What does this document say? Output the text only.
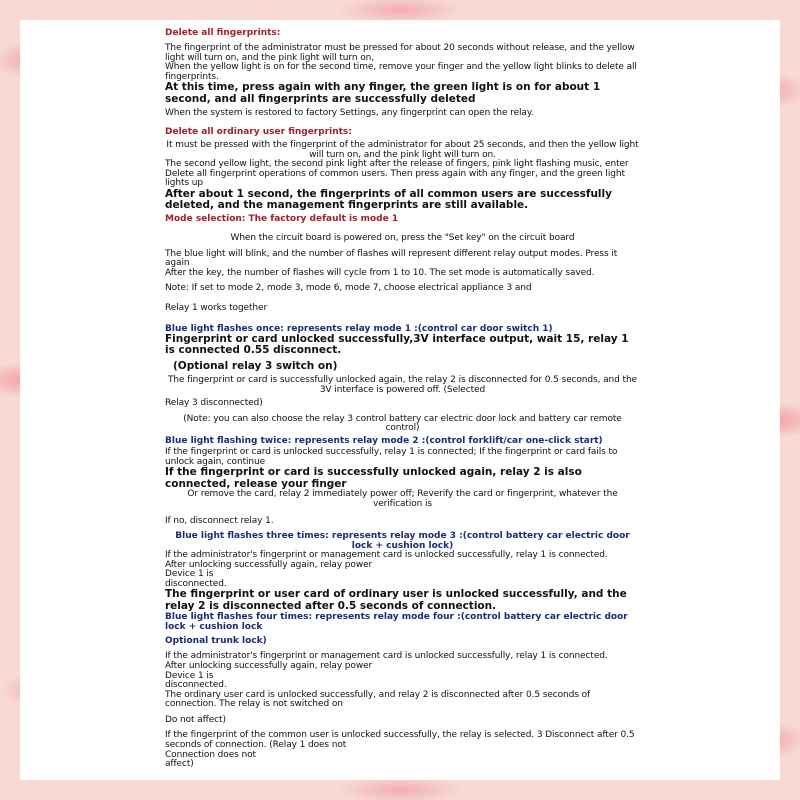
Delete all fingerprints:
The fingerprint of the administrator must be pressed for about 20 seconds without release, and the yellow light will turn on, and the pink light will turn on,
When the yellow light is on for the second time, remove your finger and the yellow light blinks to delete all fingerprints.
At this time, press again with any finger, the green light is on for about 1 second, and all fingerprints are successfully deleted
When the system is restored to factory Settings, any fingerprint can open the relay.
Delete all ordinary user fingerprints:
It must be pressed with the fingerprint of the administrator for about 25 seconds, and then the yellow light will turn on, and the pink light will turn on.
The second yellow light, the second pink light after the release of fingers, pink light flashing music, enter
Delete all fingerprint operations of common users. Then press again with any finger, and the green light lights up
After about 1 second, the fingerprints of all common users are successfully deleted, and the management fingerprints are still available.
Mode selection: The factory default is mode 1
When the circuit board is powered on, press the "Set key" on the circuit board
The blue light will blink, and the number of flashes will represent different relay output modes. Press it again
After the key, the number of flashes will cycle from 1 to 10. The set mode is automatically saved.
Note: If set to mode 2, mode 3, mode 6, mode 7, choose electrical appliance 3 and
Relay 1 works together
Blue light flashes once: represents relay mode 1 :(control car door switch 1)
Fingerprint or card unlocked successfully,3V interface output, wait 15, relay 1 is connected 0.55 disconnect.
(Optional relay 3 switch on)
The fingerprint or card is successfully unlocked again, the relay 2 is disconnected for 0.5 seconds, and the 3V interface is powered off. (Selected
Relay 3 disconnected)
(Note: you can also choose the relay 3 control battery car electric door lock and battery car remote control)
Blue light flashing twice: represents relay mode 2 :(control forklift/car one-click start)
If the fingerprint or card is unlocked successfully, relay 1 is connected; If the fingerprint or card fails to unlock again, continue
If the fingerprint or card is successfully unlocked again, relay 2 is also connected, release your finger
Or remove the card, relay 2 immediately power off; Reverify the card or fingerprint, whatever the verification is
If no, disconnect relay 1.
Blue light flashes three times: represents relay mode 3 :(control battery car electric door lock + cushion lock)
If the administrator's fingerprint or management card is unlocked successfully, relay 1 is connected.
After unlocking successfully again, relay power
Device 1 is
disconnected.
The fingerprint or user card of ordinary user is unlocked successfully, and the relay 2 is disconnected after 0.5 seconds of connection.
Blue light flashes four times: represents relay mode four :(control battery car electric door lock + cushion lock
Optional trunk lock)
If the administrator's fingerprint or management card is unlocked successfully, relay 1 is connected.
After unlocking successfully again, relay power
Device 1 is
disconnected.
The ordinary user card is unlocked successfully, and relay 2 is disconnected after 0.5 seconds of connection. The relay is not switched on
Do not affect)
If the fingerprint of the common user is unlocked successfully, the relay is selected. 3 Disconnect after 0.5 seconds of connection. (Relay 1 does not
Connection does not
affect)
